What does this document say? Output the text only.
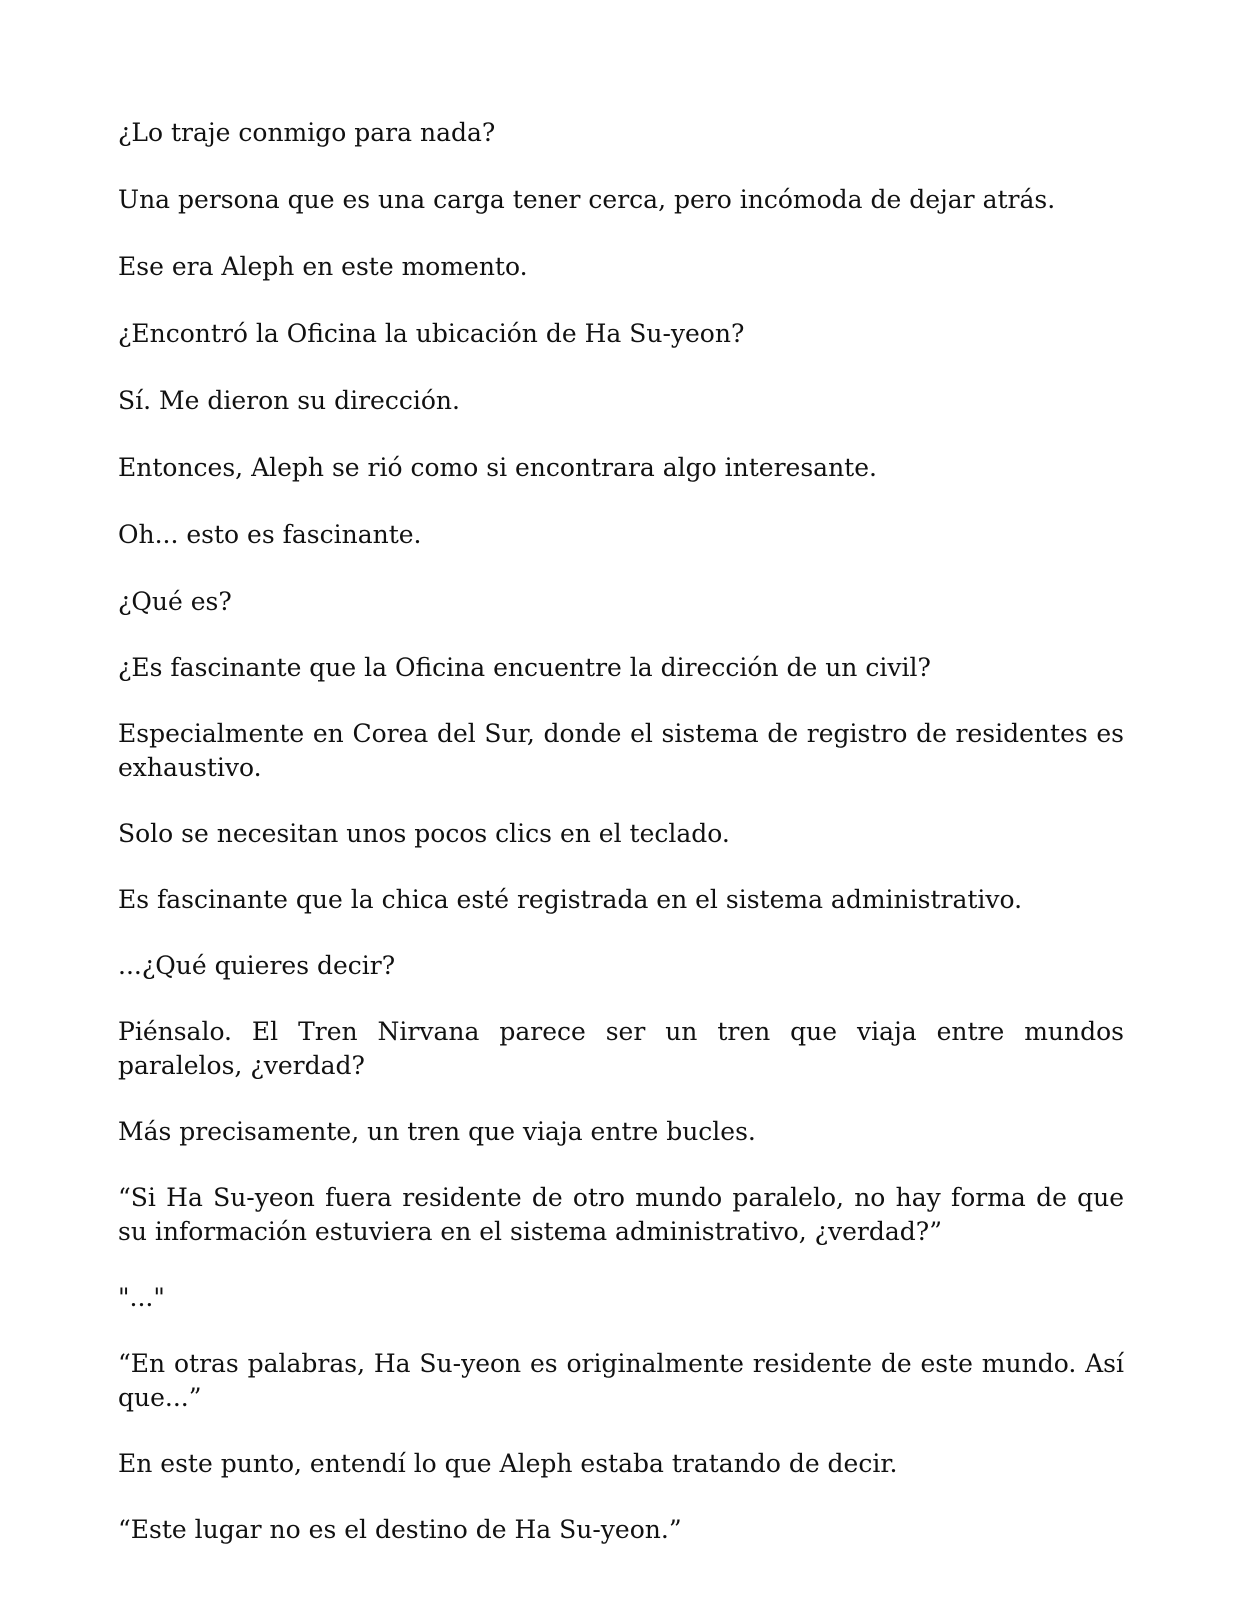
¿Lo traje conmigo para nada?

Una persona que es una carga tener cerca, pero incómoda de dejar atrás.

Ese era Aleph en este momento.

¿Encontró la Oficina la ubicación de Ha Su-yeon?

Sí. Me dieron su dirección.

Entonces, Aleph se rió como si encontrara algo interesante.

Oh... esto es fascinante.

¿Qué es?

¿Es fascinante que la Oficina encuentre la dirección de un civil?

Especialmente en Corea del Sur, donde el sistema de registro de residentes es exhaustivo.

Solo se necesitan unos pocos clics en el teclado.

Es fascinante que la chica esté registrada en el sistema administrativo.

...¿Qué quieres decir?

Piénsalo. El Tren Nirvana parece ser un tren que viaja entre mundos paralelos, ¿verdad?

Más precisamente, un tren que viaja entre bucles.

“Si Ha Su-yeon fuera residente de otro mundo paralelo, no hay forma de que su información estuviera en el sistema administrativo, ¿verdad?”

"..."

“En otras palabras, Ha Su-yeon es originalmente residente de este mundo. Así que...”

En este punto, entendí lo que Aleph estaba tratando de decir.

“Este lugar no es el destino de Ha Su-yeon.”
